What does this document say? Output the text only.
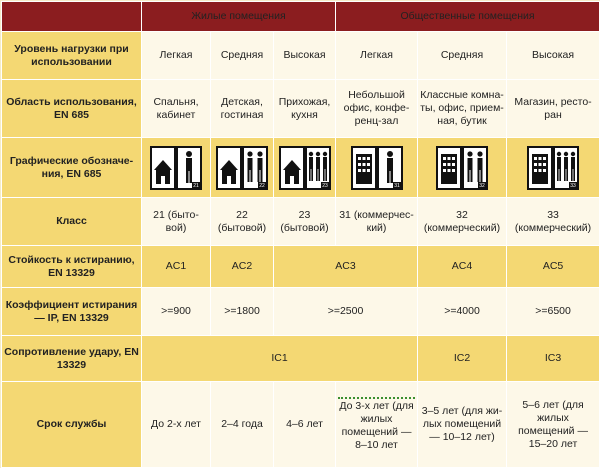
	Жилые помещения			Общественные помещения		
Уровень нагрузки при использовании	Легкая	Средняя	Высокая	Легкая	Средняя	Высокая
Область использования, EN 685	Спальня, кабинет	Детская, гостиная	Прихожая, кухня	Небольшой офис, конфе-ренц-зал	Классные комна-ты, офис, прием-ная, бутик	Магазин, ресто-ран
Графические обозначе-ния, EN 685	21	22	23	31	32	33

Класс	21 (быто-вой)	22 (бытовой)	23 (бытовой)	31 (коммерчес-кий)	32 (коммерческий)	33 (коммерческий)
Стойкость к истиранию, EN 13329	AC1	AC2	AC3		AC4	AC5
Коэффициент истирания — IP, EN 13329	>=900	>=1800	>=2500		>=4000	>=6500
Сопротивление удару, EN 13329	IC1				IC2	IC3
Срок службы	До 2-х лет	2–4 года	4–6 лет	До 3-х лет (для жилых помещений — 8–10 лет	3–5 лет (для жи-лых помещений — 10–12 лет)	5–6 лет (для жилых помещений — 15–20 лет
